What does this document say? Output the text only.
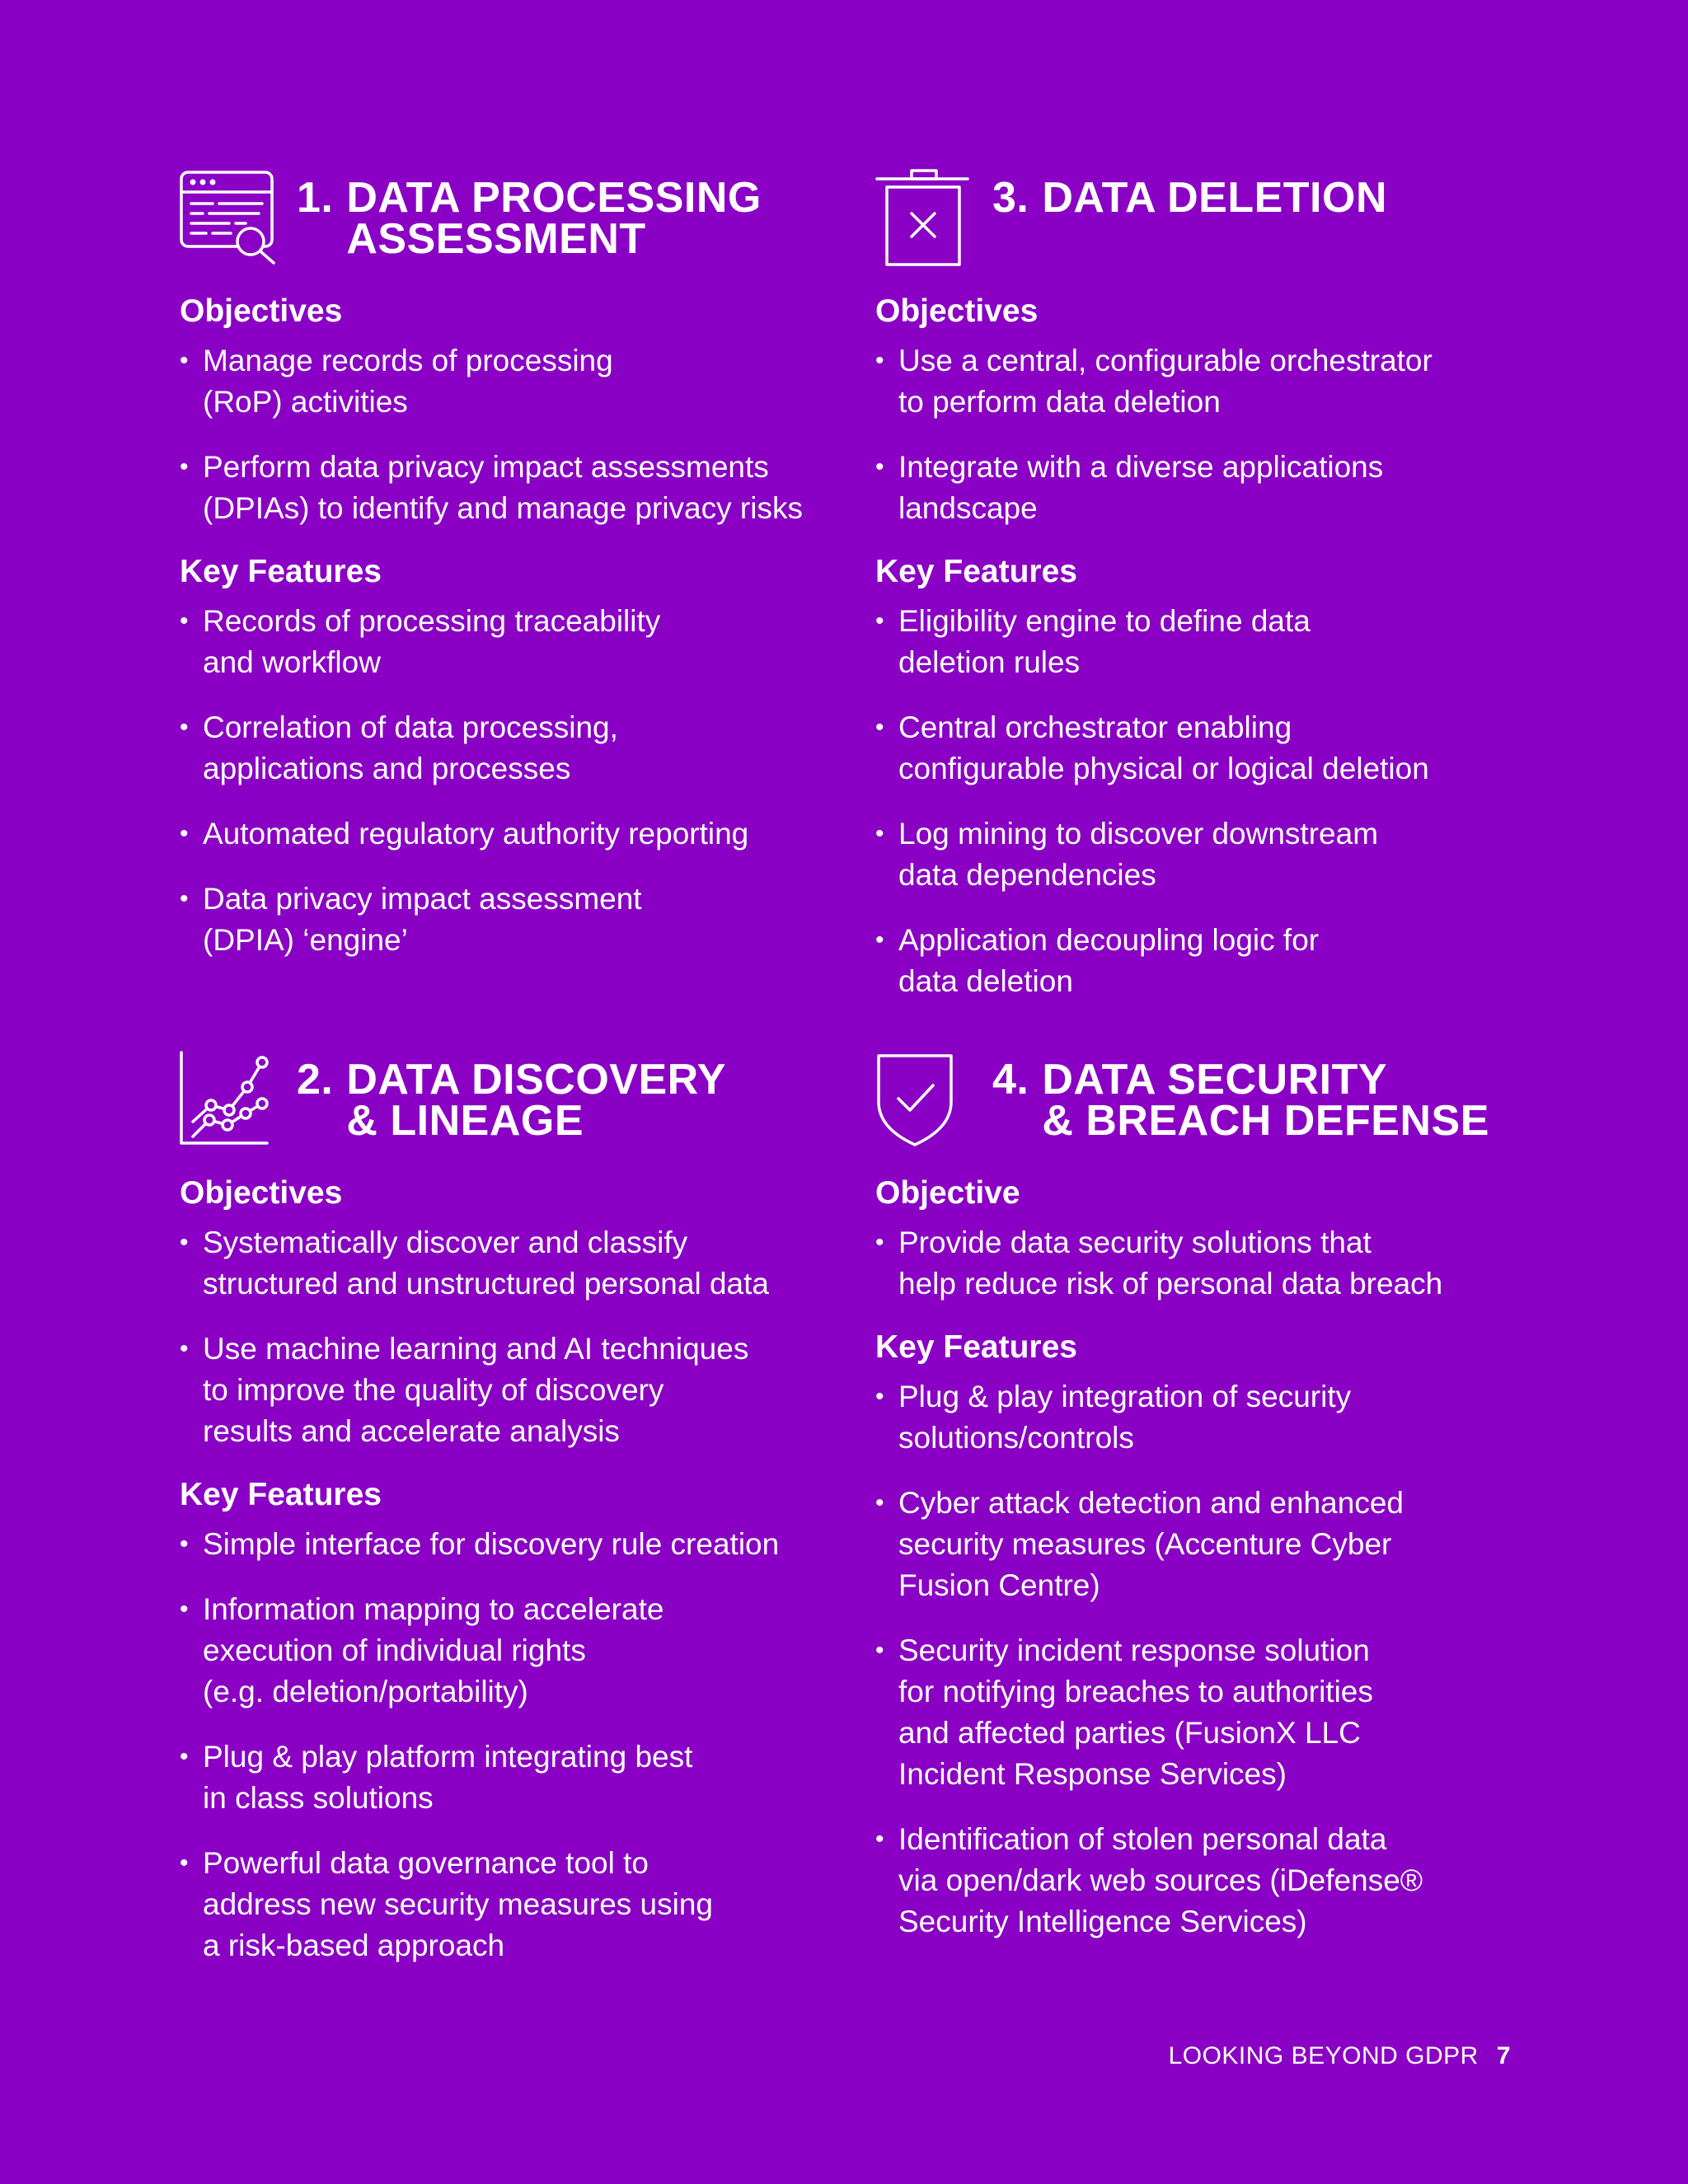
1. DATA PROCESSING
ASSESSMENT
Objectives
• Manage records of processing
(RoP) activities
• Perform data privacy impact assessments
(DPIAs) to identify and manage privacy risks
Key Features
• Records of processing traceability
and workflow
• Correlation of data processing,
applications and processes
• Automated regulatory authority reporting
• Data privacy impact assessment
(DPIA) ‘engine’
3. DATA DELETION
Objectives
• Use a central, configurable orchestrator
to perform data deletion
• Integrate with a diverse applications
landscape
Key Features
• Eligibility engine to define data
deletion rules
• Central orchestrator enabling
configurable physical or logical deletion
• Log mining to discover downstream
data dependencies
• Application decoupling logic for
data deletion
2. DATA DISCOVERY
& LINEAGE
Objectives
• Systematically discover and classify
structured and unstructured personal data
• Use machine learning and AI techniques
to improve the quality of discovery
results and accelerate analysis
Key Features
• Simple interface for discovery rule creation
• Information mapping to accelerate
execution of individual rights
(e.g. deletion/portability)
• Plug & play platform integrating best
in class solutions
• Powerful data governance tool to
address new security measures using
a risk-based approach
4. DATA SECURITY
& BREACH DEFENSE
Objective
• Provide data security solutions that
help reduce risk of personal data breach
Key Features
• Plug & play integration of security
solutions/controls
• Cyber attack detection and enhanced
security measures (Accenture Cyber
Fusion Centre)
• Security incident response solution
for notifying breaches to authorities
and affected parties (FusionX LLC
Incident Response Services)
• Identification of stolen personal data
via open/dark web sources (iDefense®
Security Intelligence Services)
LOOKING BEYOND GDPR 7
